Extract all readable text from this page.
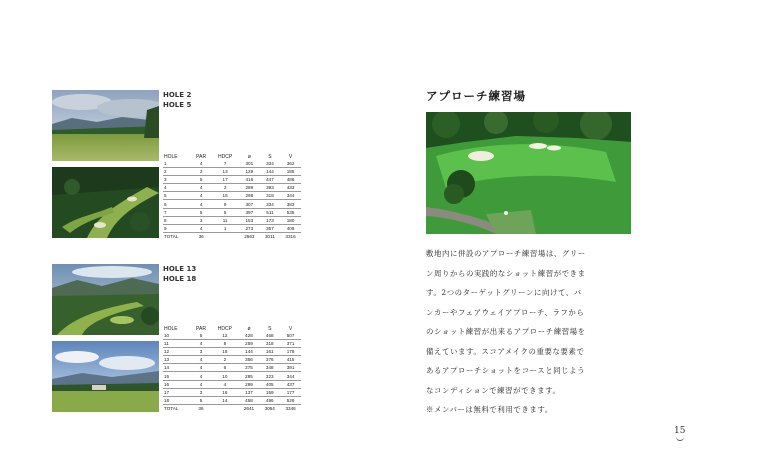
HOLE 2
HOLE 5
HOLE	PAR	HDCP	ø	S	V
1	4	7	301	334	362
2	3	13	129	144	185
3	5	17	416	447	486
4	4	3	289	393	433
5	4	15	298	318	344
6	4	9	307	334	383
7	5	5	397	511	535
8	3	11	153	173	180
9	4	1	273	357	408
TOTAL	36		2563	3011	3316
HOLE 13
HOLE 18
HOLE	PAR	HDCP	ø	S	V
10	5	12	428	468	507
11	4	8	259	318	371
12	3	18	144	161	178
13	4	2	356	376	415
14	4	6	275	348	391
15	4	10	285	323	344
16	4	4	299	405	437
17	3	16	137	159	177
18	5	14	458	496	526
TOTAL	36		2641	3054	3346
アプローチ練習場
敷地内に併設のアプローチ練習場は、グリー
ン周りからの実践的なショット練習ができま
す。2つのターゲットグリーンに向けて、バ
ンカーやフェアウェイアプローチ、ラフから
のショット練習が出来るアプローチ練習場を
備えています。スコアメイクの重要な要素で
あるアプローチショットをコースと同じよう
なコンディションで練習ができます。
※メンバーは無料で利用できます。
15
